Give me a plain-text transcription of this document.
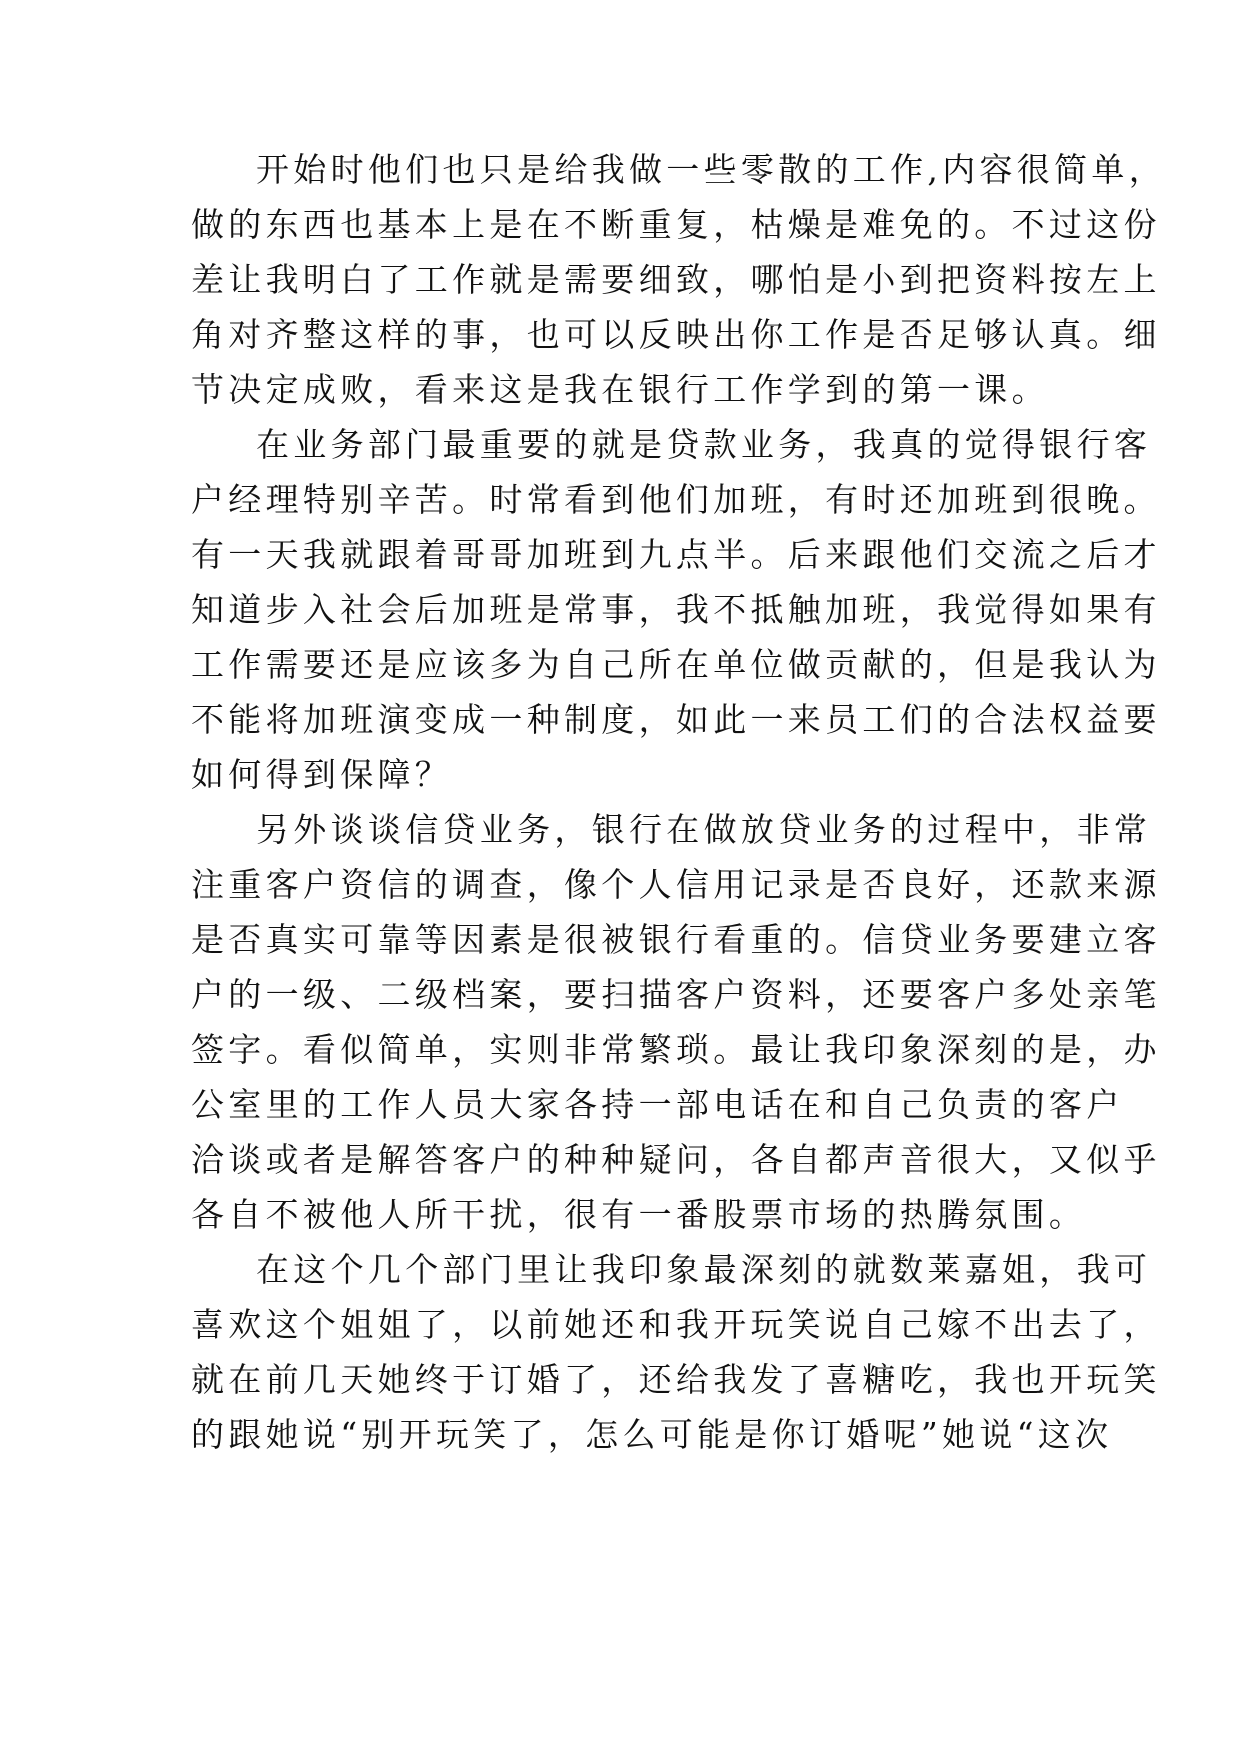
开始时他们也只是给我做一些零散的工作,内容很简单，
做的东西也基本上是在不断重复，枯燥是难免的。不过这份
差让我明白了工作就是需要细致，哪怕是小到把资料按左上
角对齐整这样的事，也可以反映出你工作是否足够认真。细
节决定成败，看来这是我在银行工作学到的第一课。
在业务部门最重要的就是贷款业务，我真的觉得银行客
户经理特别辛苦。时常看到他们加班，有时还加班到很晚。
有一天我就跟着哥哥加班到九点半。后来跟他们交流之后才
知道步入社会后加班是常事，我不抵触加班，我觉得如果有
工作需要还是应该多为自己所在单位做贡献的，但是我认为
不能将加班演变成一种制度，如此一来员工们的合法权益要
如何得到保障？
另外谈谈信贷业务，银行在做放贷业务的过程中，非常
注重客户资信的调查，像个人信用记录是否良好，还款来源
是否真实可靠等因素是很被银行看重的。信贷业务要建立客
户的一级、二级档案，要扫描客户资料，还要客户多处亲笔
签字。看似简单，实则非常繁琐。最让我印象深刻的是，办
公室里的工作人员大家各持一部电话在和自己负责的客户
洽谈或者是解答客户的种种疑问，各自都声音很大，又似乎
各自不被他人所干扰，很有一番股票市场的热腾氛围。
在这个几个部门里让我印象最深刻的就数莱嘉姐，我可
喜欢这个姐姐了，以前她还和我开玩笑说自己嫁不出去了，
就在前几天她终于订婚了，还给我发了喜糖吃，我也开玩笑
的跟她说“别开玩笑了，怎么可能是你订婚呢”她说“这次
